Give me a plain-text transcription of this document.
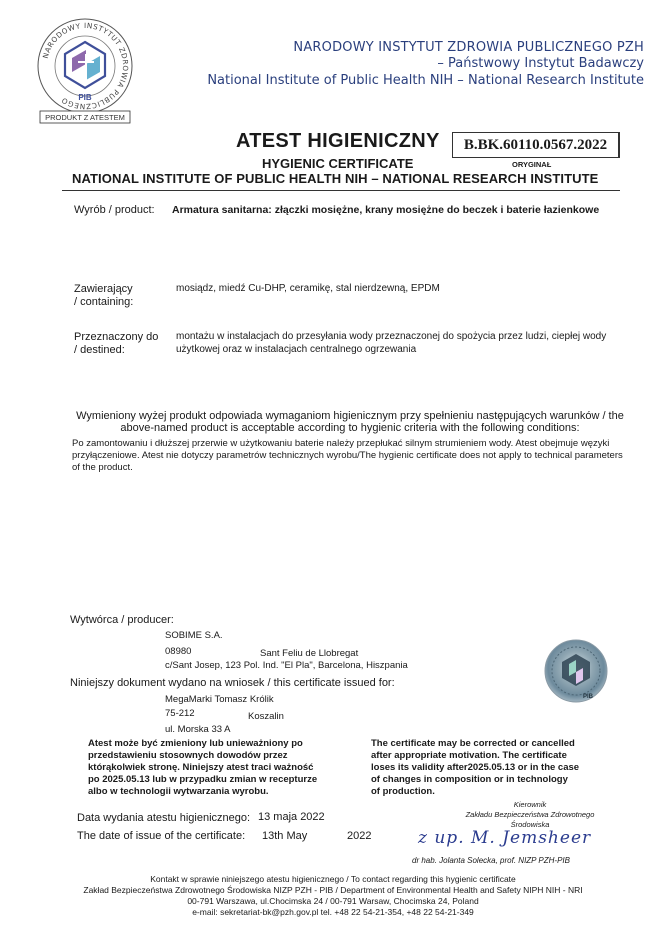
NARODOWY INSTYTUT ZDROWIA PUBLICZNEGO	PIB
PRODUKT Z ATESTEM
NARODOWY INSTYTUT ZDROWIA PUBLICZNEGO PZH
– Państwowy Instytut Badawczy
National Institute of Public Health NIH – National Research Institute
ATEST HIGIENICZNY	B.BK.60110.0567.2022
HYGIENIC CERTIFICATE	ORYGINAŁ
NATIONAL INSTITUTE OF PUBLIC HEALTH NIH – NATIONAL RESEARCH INSTITUTE
Wyrób / product: Armatura sanitarna: złączki mosiężne, krany mosiężne do beczek i baterie łazienkowe
Zawierający
/ containing:
mosiądz, miedź Cu-DHP, ceramikę, stal nierdzewną, EPDM
Przeznaczony do
/ destined:
montażu w instalacjach do przesyłania wody przeznaczonej do spożycia przez ludzi, ciepłej wody użytkowej oraz w instalacjach centralnego ogrzewania
Wymieniony wyżej produkt odpowiada wymaganiom higienicznym przy spełnieniu następujących warunków / the above-named product is acceptable according to hygienic criteria with the following conditions:
Po zamontowaniu i dłuższej przerwie w użytkowaniu baterie należy przepłukać silnym strumieniem wody. Atest obejmuje węzyki przyłączeniowe. Atest nie dotyczy parametrów technicznych wyrobu/The hygienic certificate does not apply to technical parameters of the product.
Wytwórca / producer:
SOBIME S.A.
08980	Sant Feliu de Llobregat
c/Sant Josep, 123 Pol. Ind. "El Pla", Barcelona, Hiszpania
Niniejszy dokument wydano na wniosek / this certificate issued for:
MegaMarki Tomasz Królik
75-212	Koszalin
ul. Morska 33 A
PIB
Atest może być zmieniony lub unieważniony po
przedstawieniu stosownych dowodów przez
którąkolwiek stronę. Niniejszy atest traci ważność
po 2025.05.13 lub w przypadku zmian w recepturze
albo w technologii wytwarzania wyrobu.
The certificate may be corrected or cancelled
after appropriate motivation. The certificate
loses its validity after2025.05.13 or in the case
of changes in composition or in technology
of production.
Data wydania atestu higienicznego: 13 maja 2022
The date of issue of the certificate: 13th May	2022
Kierownik
Zakładu Bezpieczeństwa Zdrowotnego
Środowiska
z up. M. Jemsheer
dr hab. Jolanta Solecka, prof. NIZP PZH-PIB
Kontakt w sprawie niniejszego atestu higienicznego / To contact regarding this hygienic certificate
Zakład Bezpieczeństwa Zdrowotnego Środowiska NIZP PZH - PIB / Department of Environmental Health and Safety NIPH NIH - NRI
00-791 Warszawa, ul.Chocimska 24 / 00-791 Warsaw, Chocimska 24, Poland
e-mail: sekretariat-bk@pzh.gov.pl tel. +48 22 54-21-354, +48 22 54-21-349
